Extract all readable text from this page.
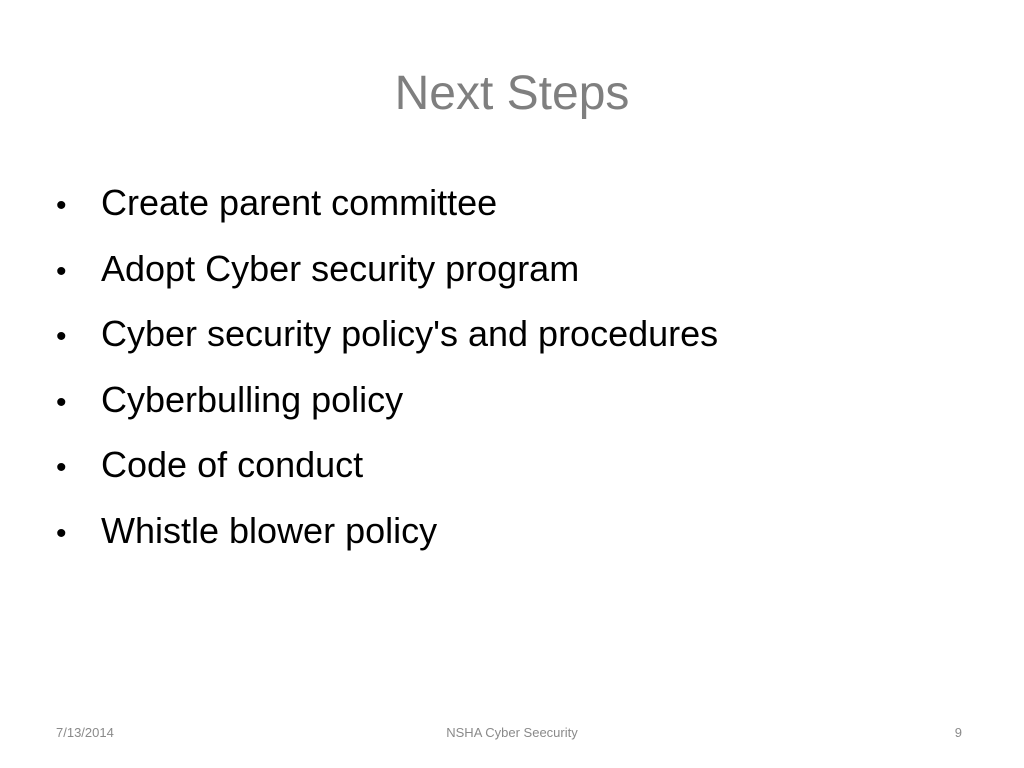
Next Steps
• Create parent committee
• Adopt Cyber security program
• Cyber security policy's and procedures
• Cyberbulling policy
• Code of conduct
• Whistle blower policy
7/13/2014	NSHA Cyber Seecurity	9
